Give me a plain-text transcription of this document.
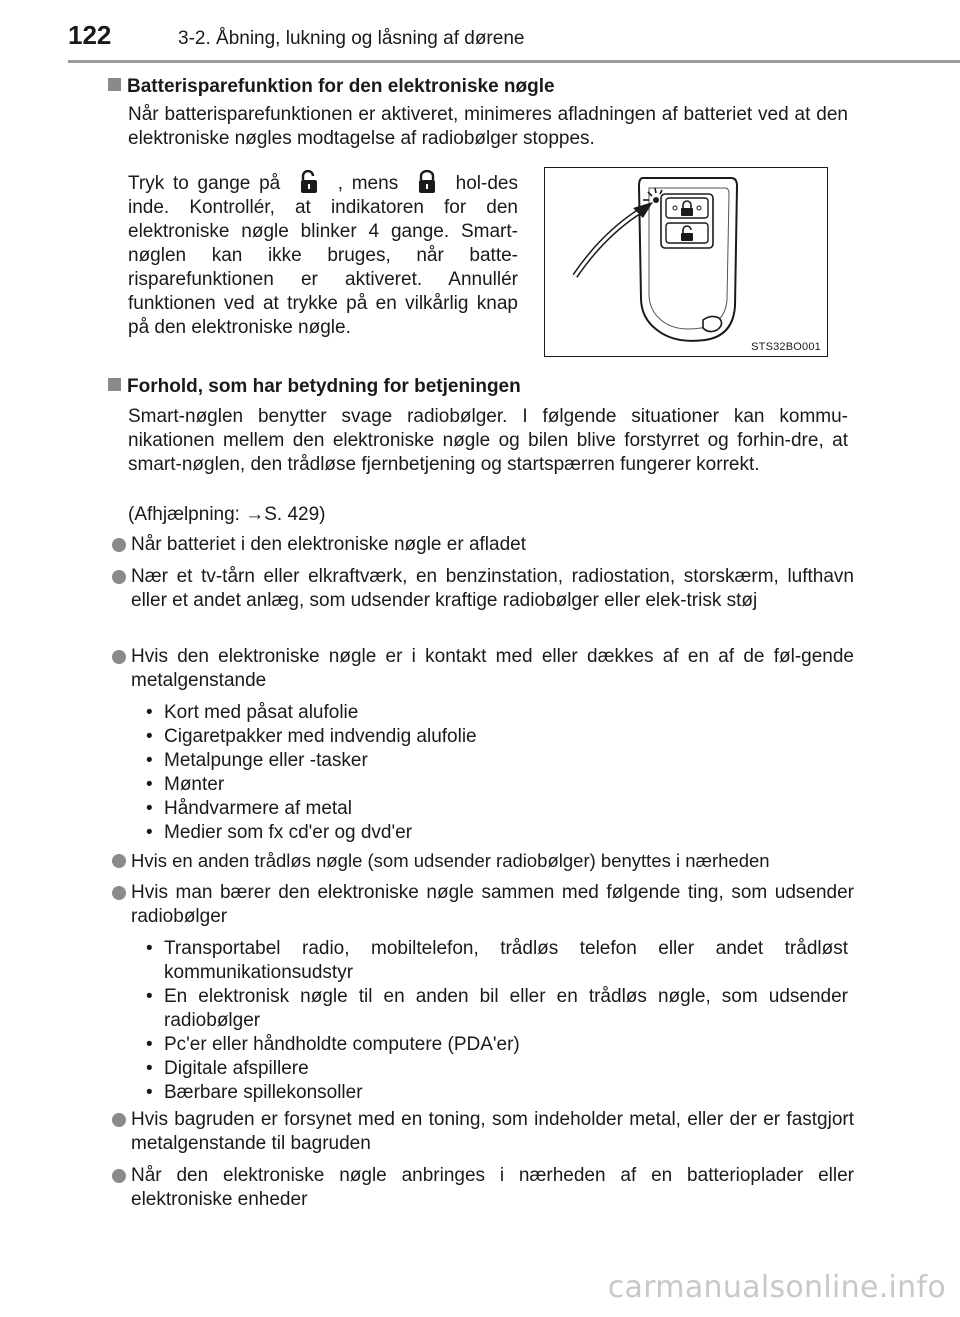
122	3-2. Åbning, lukning og låsning af dørene
Batterisparefunktion for den elektroniske nøgle
Når batterisparefunktionen er aktiveret, minimeres afladningen af batteriet ved at den elektroniske nøgles modtagelse af radiobølger stoppes.
Tryk to gange på	, mens	hol-des inde. Kontrollér, at indikatoren for den elektroniske nøgle blinker 4 gange. Smart-nøglen kan ikke bruges, når batte-risparefunktionen er aktiveret. Annullér funktionen ved at trykke på en vilkårlig knap på den elektroniske nøgle.
STS32BO001
Forhold, som har betydning for betjeningen
Smart-nøglen benytter svage radiobølger. I følgende situationer kan kommu-nikationen mellem den elektroniske nøgle og bilen blive forstyrret og forhin-dre, at smart-nøglen, den trådløse fjernbetjening og startspærren fungerer korrekt.
(Afhjælpning: →S. 429)
Når batteriet i den elektroniske nøgle er afladet
Nær et tv-tårn eller elkraftværk, en benzinstation, radiostation, storskærm, lufthavn eller et andet anlæg, som udsender kraftige radiobølger eller elek-trisk støj
Hvis den elektroniske nøgle er i kontakt med eller dækkes af en af de føl-gende metalgenstande
• Kort med påsat alufolie
• Cigaretpakker med indvendig alufolie
• Metalpunge eller -tasker
• Mønter
• Håndvarmere af metal
• Medier som fx cd'er og dvd'er
Hvis en anden trådløs nøgle (som udsender radiobølger) benyttes i nærheden
Hvis man bærer den elektroniske nøgle sammen med følgende ting, som udsender radiobølger
• Transportabel radio, mobiltelefon, trådløs telefon eller andet trådløst kommunikationsudstyr
• En elektronisk nøgle til en anden bil eller en trådløs nøgle, som udsender radiobølger
• Pc'er eller håndholdte computere (PDA'er)
• Digitale afspillere
• Bærbare spillekonsoller
Hvis bagruden er forsynet med en toning, som indeholder metal, eller der er fastgjort metalgenstande til bagruden
Når den elektroniske nøgle anbringes i nærheden af en batterioplader eller elektroniske enheder
carmanualsonline.info
